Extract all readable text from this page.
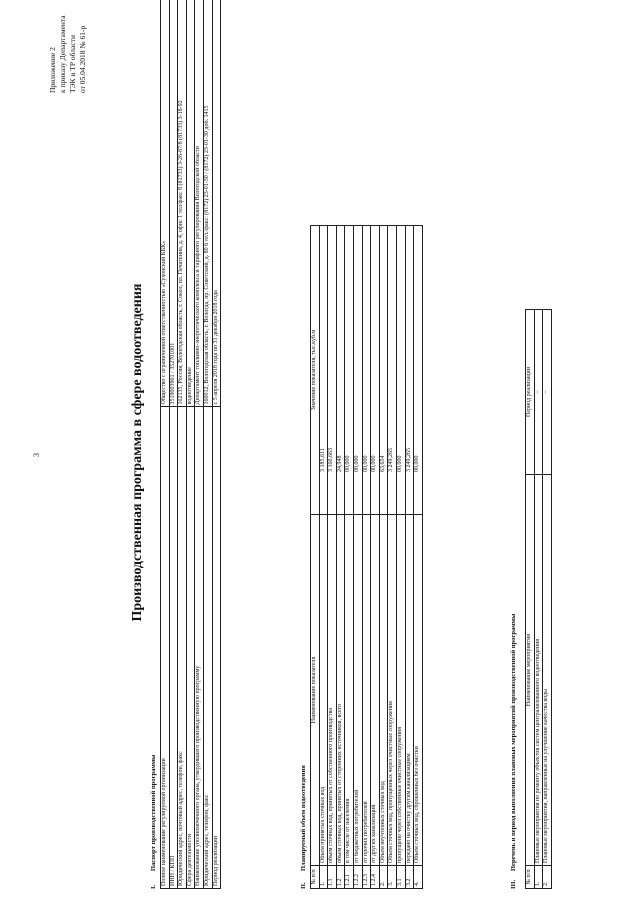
3
Приложение 2 к приказу Департамента ТЭК и ТР области от 05.04.2018 № 61-р
Производственная программа в сфере водоотведения
I.Паспорт производственной программы Полное наименование регулируемой организации	Общество с ограниченной ответственностью «Сухонский КБК»
ИНН / КПП	3519003961 / 352701001
Юридический адрес, почтовый адрес, телефон, факс	162135, Россия, Вологодская область, г. Сокол, пл. Печаткина, д. 4, офис 1 тел/факс 8 (81733) 3-26-87/8 (81733) 3-18-92
Сфера деятельности	водоотведение
Наименование уполномоченного органа, утвердившего производственную программу	Департамент топливно-энергетического комплекса и тарифного регулирования Вологодской области
Юридический адрес, телефон, факс	160012, Вологодская область, г. Вологда, пр. Советский, д. 80 б тел./факс: (8172) 23-01-30 / (8172) 23-01-30 доб. 1415
Период реализации	с 5 апреля 2018 года по 31 декабря 2018 года
II.Планируемый объем водоотведения
№ п/п	Наименование показателя	Значение показателя, тыс.куб.м
1.	Объем принятых сточных вод	3 185,611

1.1	объем сточных вод, принятых от собственного производства	3 160,663

1.2	объем сточных вод, принятых от сторонних источников, всего	24,948

1.2.1	в том числе от населения	00,000

1.2.2	от бюджетных потребителей	00,000

1.2.3	от прочих потребителей	00,000

1.2.4	от других канализаций	00,000

2.	Объем неучтенных сточных вод	63,654

3.	Объем сточных вод, пропущенных через очистные сооружения	3 249,265

3.1	пропущено через собственные очистные сооружения	00,000

3.2	передано на очистку другим канализациям	3 249,265

4.	Объем сточных вод, сброшенных без очистки	00,000
III.Перечень и период выполнения плановых мероприятий производственной программы
№ п/п	Наименование мероприятия	Период реализации
1.	Плановые мероприятия по ремонту объектов систем централизованного водоотведения	–
2.	Плановые мероприятия, направленные на улучшение качества воды	–
